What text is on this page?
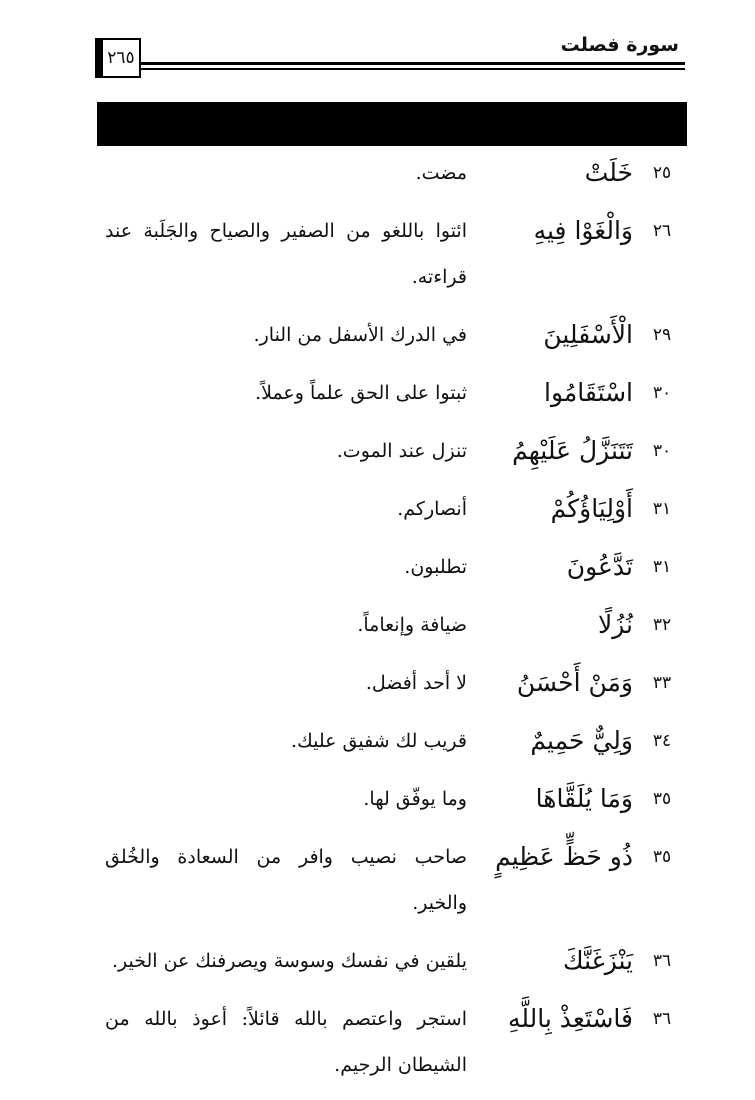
٢٦٥
سورة فصلت
٢٥
خَلَتْ
مضت.
٢٦
وَالْغَوْا فِيهِ
ائتوا باللغو من الصفير والصياح والجَلَبة عند قراءته.
٢٩
الْأَسْفَلِينَ
في الدرك الأسفل من النار.
٣٠
اسْتَقَامُوا
ثبتوا على الحق علماً وعملاً.
٣٠
تَتَنَزَّلُ عَلَيْهِمُ
تنزل عند الموت.
٣١
أَوْلِيَاؤُكُمْ
أنصاركم.
٣١
تَدَّعُونَ
تطلبون.
٣٢
نُزُلًا
ضيافة وإنعاماً.
٣٣
وَمَنْ أَحْسَنُ
لا أحد أفضل.
٣٤
وَلِيٌّ حَمِيمٌ
قريب لك شفيق عليك.
٣٥
وَمَا يُلَقَّاهَا
وما يوفّق لها.
٣٥
ذُو حَظٍّ عَظِيمٍ
صاحب نصيب وافر من السعادة والخُلق والخير.
٣٦
يَنْزَغَنَّكَ
يلقين في نفسك وسوسة ويصرفنك عن الخير.
٣٦
فَاسْتَعِذْ بِاللَّهِ
استجر واعتصم بالله قائلاً: أعوذ بالله من الشيطان الرجيم.
